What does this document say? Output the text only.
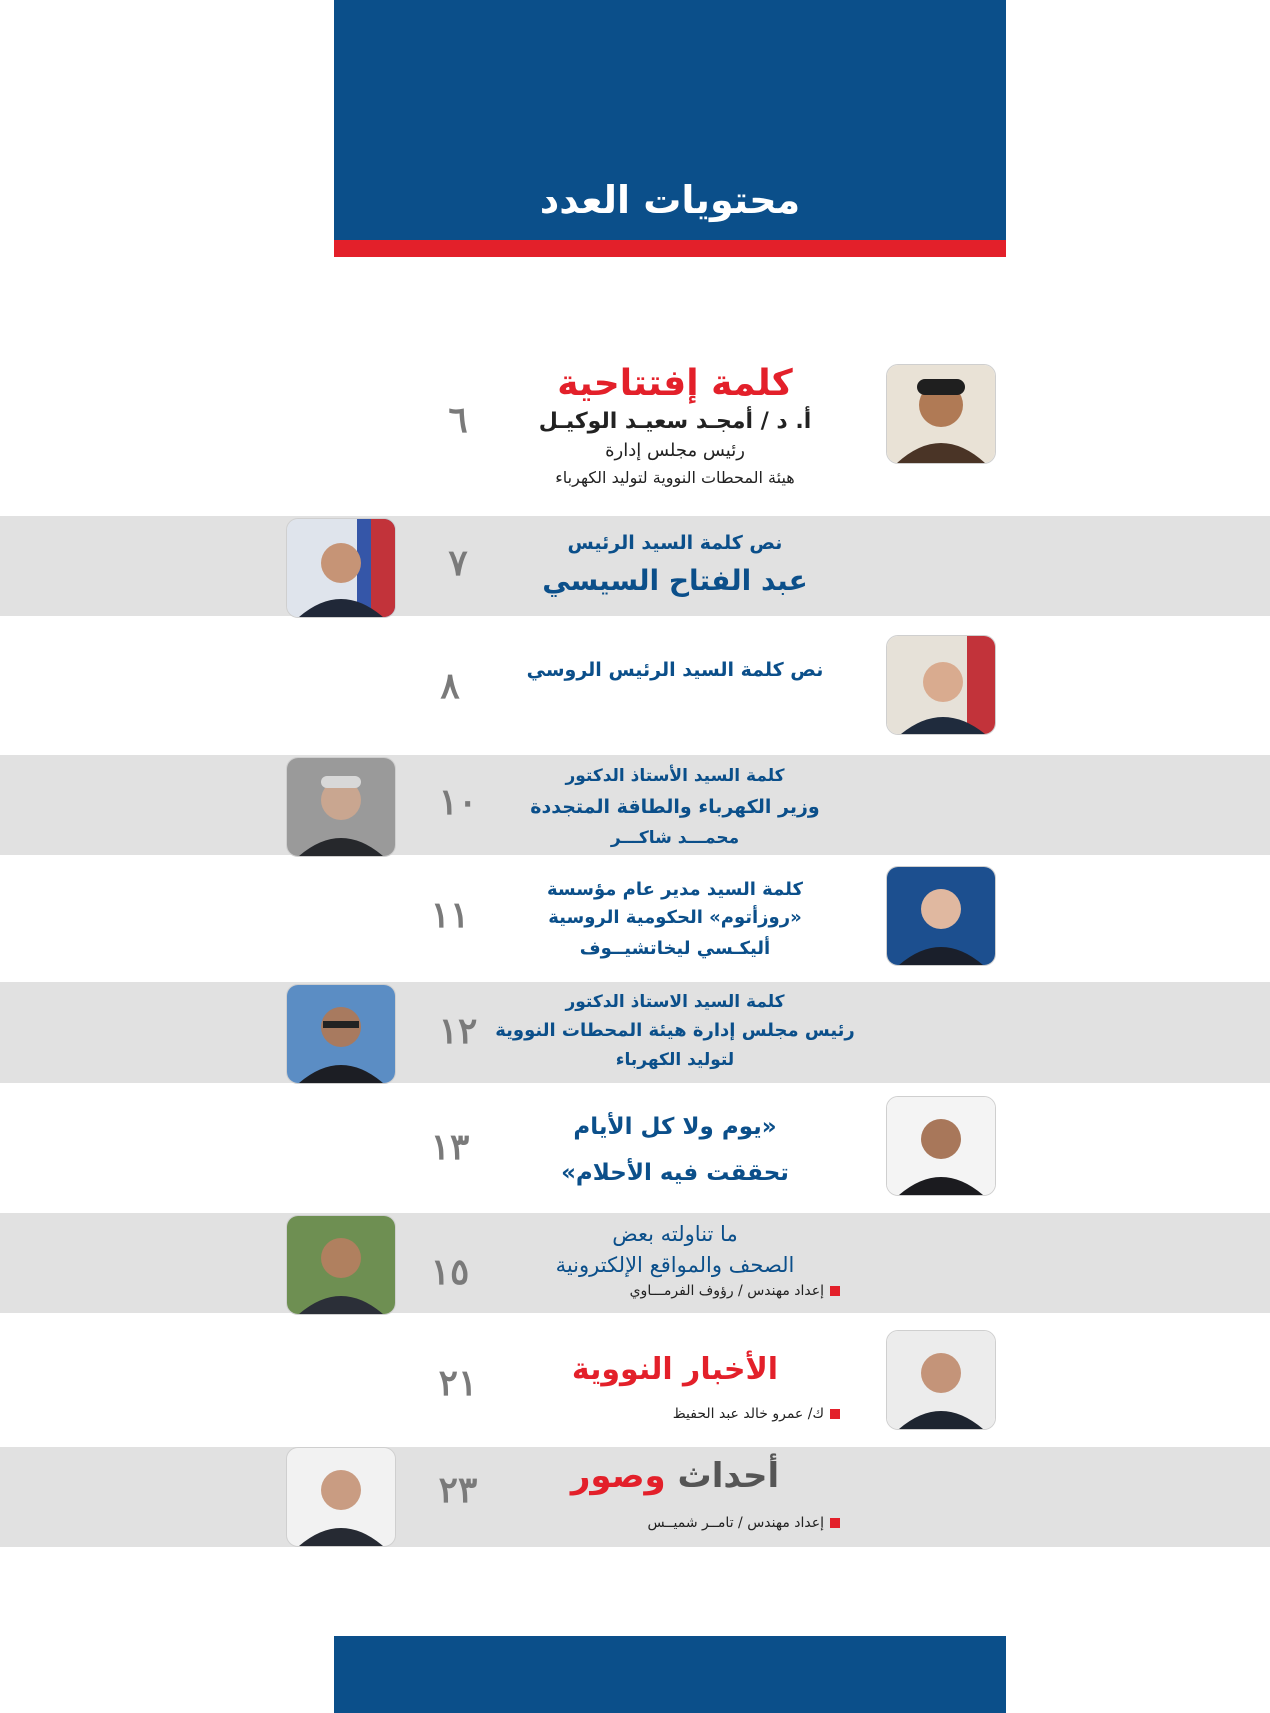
محتويات العدد
كلمة إفتتاحية
أ. د / أمجـد سعيـد الوكيـل
رئيس مجلس إدارة
هيئة المحطات النووية لتوليد الكهرباء
٦
نص كلمة السيد الرئيس
عبد الفتاح السيسي
٧
نص كلمة السيد الرئيس الروسي
٨
كلمة السيد الأستاذ الدكتور
وزير الكهرباء والطاقة المتجددة
محمـــد شاكـــر
١٠
كلمة السيد مدير عام مؤسسة
«روزأتوم» الحكومية الروسية
أليكـسي ليخاتشيــوف
١١
كلمة السيد الاستاذ الدكتور
رئيس مجلس إدارة هيئة المحطات النووية
لتوليد الكهرباء
١٢
«يوم ولا كل الأيام
تحققت فيه الأحلام»
١٣
ما تناولته بعض
الصحف والمواقع الإلكترونية
إعداد مهندس / رؤوف الفرمـــاوي
١٥
الأخبار النووية
ك/ عمرو خالد عبد الحفيظ
٢١
أحداث وصور
إعداد مهندس / تامــر شميــس
٢٣
